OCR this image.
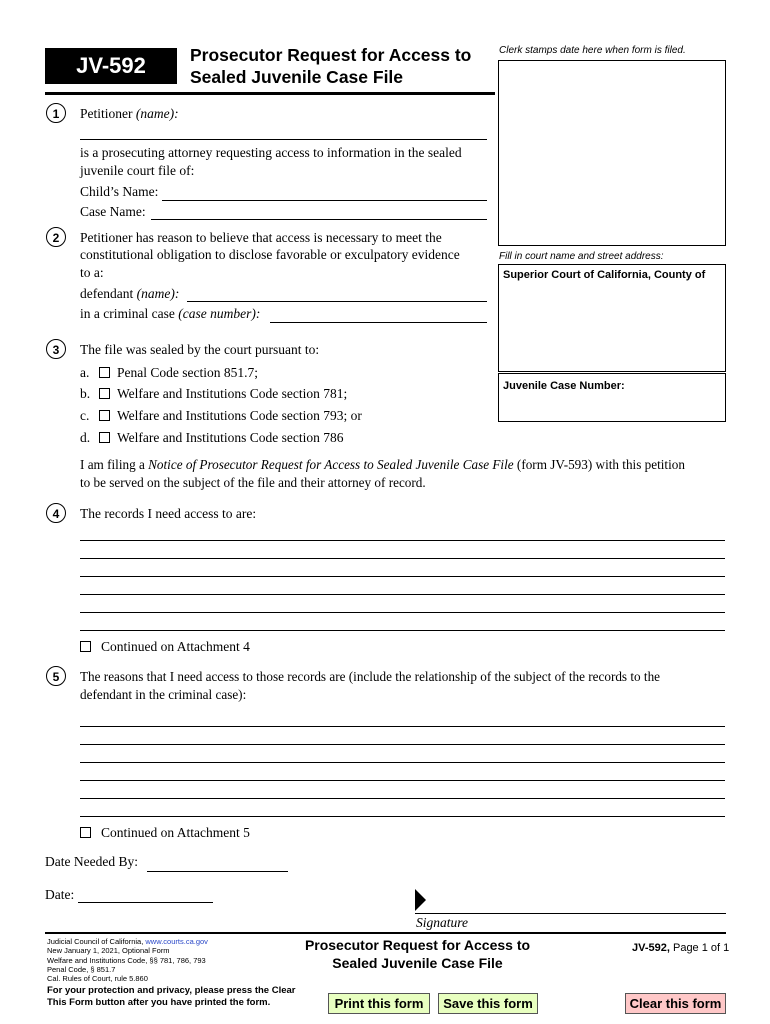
JV-592	Prosecutor Request for Access to
Sealed Juvenile Case File
Clerk stamps date here when form is filed.
Fill in court name and street address:
Superior Court of California, County of
Juvenile Case Number:
1	Petitioner (name):
is a prosecuting attorney requesting access to information in the sealed
juvenile court file of:
Child’s Name:
Case Name:
2	Petitioner has reason to believe that access is necessary to meet the
constitutional obligation to disclose favorable or exculpatory evidence
to a:
defendant (name):
in a criminal case (case number):
3	The file was sealed by the court pursuant to:
a. Penal Code section 851.7;
b. Welfare and Institutions Code section 781;
c. Welfare and Institutions Code section 793; or
d. Welfare and Institutions Code section 786
I am filing a Notice of Prosecutor Request for Access to Sealed Juvenile Case File (form JV-593) with this petition
to be served on the subject of the file and their attorney of record.
4	The records I need access to are:
Continued on Attachment 4
5	The reasons that I need access to those records are (include the relationship of the subject of the records to the
defendant in the criminal case):
Continued on Attachment 5
Date Needed By:
Date:
Signature
Judicial Council of California, www.courts.ca.gov
New January 1, 2021, Optional Form
Welfare and Institutions Code, §§ 781, 786, 793
Penal Code, § 851.7
Cal. Rules of Court, rule 5.860
Prosecutor Request for Access to
Sealed Juvenile Case File
JV-592, Page 1 of 1
For your protection and privacy, please press the Clear
This Form button after you have printed the form.	Print this form	Save this form	Clear this form
